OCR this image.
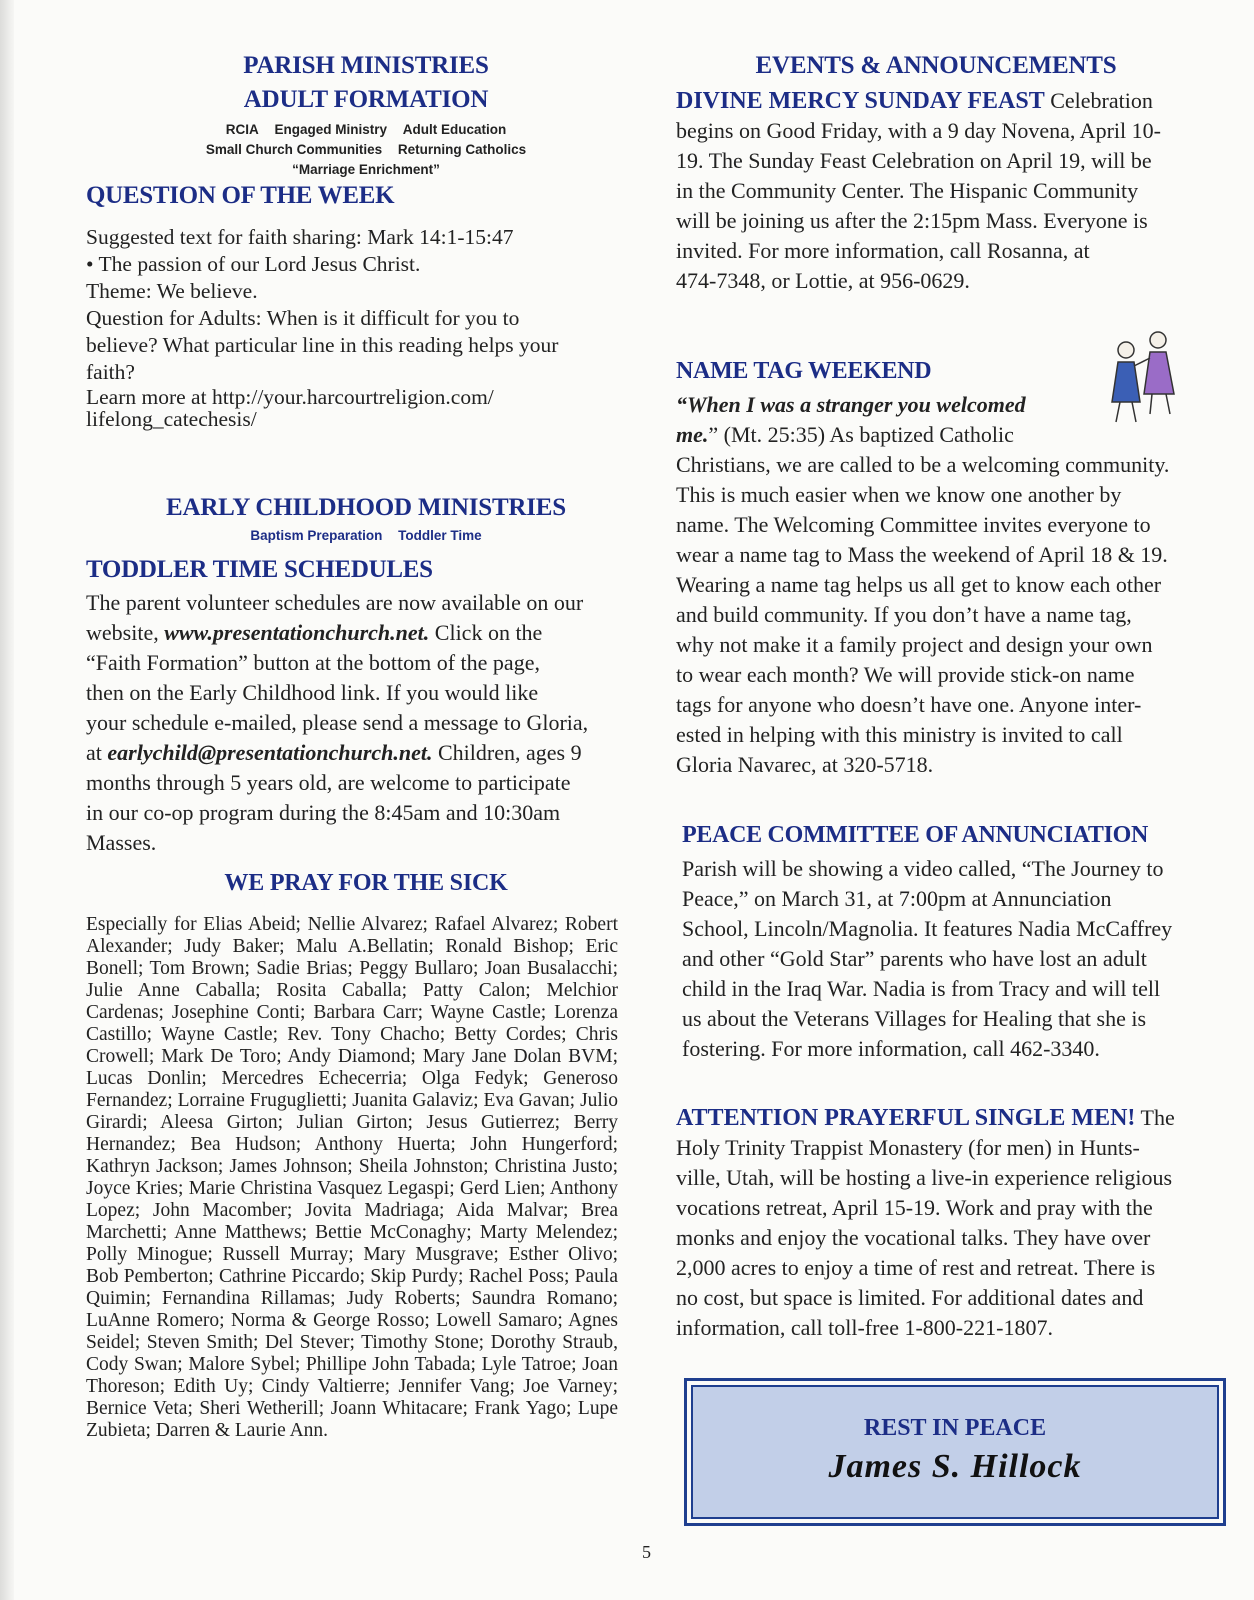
PARISH MINISTRIES
ADULT FORMATION
RCIA Engaged Ministry Adult Education
Small Church Communities Returning Catholics
“Marriage Enrichment”
QUESTION OF THE WEEK
Suggested text for faith sharing: Mark 14:1-15:47
• The passion of our Lord Jesus Christ.
Theme: We believe.
Question for Adults: When is it difficult for you to
believe? What particular line in this reading helps your
faith?
Learn more at http://your.harcourtreligion.com/
lifelong_catechesis/
EARLY CHILDHOOD MINISTRIES
Baptism Preparation Toddler Time
TODDLER TIME SCHEDULES
The parent volunteer schedules are now available on our
website, www.presentationchurch.net. Click on the
“Faith Formation” button at the bottom of the page,
then on the Early Childhood link. If you would like
your schedule e-mailed, please send a message to Gloria,
at earlychild@presentationchurch.net. Children, ages 9
months through 5 years old, are welcome to participate
in our co-op program during the 8:45am and 10:30am
Masses.
WE PRAY FOR THE SICK
Especially for Elias Abeid; Nellie Alvarez; Rafael Alvarez; Robert Alexander; Judy Baker; Malu A.Bellatin; Ronald Bishop; Eric Bonell; Tom Brown; Sadie Brias; Peggy Bullaro; Joan Busalacchi; Julie Anne Caballa; Rosita Caballa; Patty Calon; Melchior Cardenas; Josephine Conti; Barbara Carr; Wayne Castle; Lorenza Castillo; Wayne Castle; Rev. Tony Chacho; Betty Cordes; Chris Crowell; Mark De Toro; Andy Diamond; Mary Jane Dolan BVM; Lucas Donlin; Mercedres Echecerria; Olga Fedyk; Generoso Fernandez; Lorraine Fruguglietti; Juanita Galaviz; Eva Gavan; Julio Girardi; Aleesa Girton; Julian Girton; Jesus Gutierrez; Berry Hernandez; Bea Hudson; Anthony Huerta; John Hungerford; Kathryn Jackson; James Johnson; Sheila Johnston; Christina Justo; Joyce Kries; Marie Christina Vasquez Legaspi; Gerd Lien; Anthony Lopez; John Macomber; Jovita Madriaga; Aida Malvar; Brea Marchetti; Anne Matthews; Bettie McConaghy; Marty Melendez; Polly Minogue; Russell Murray; Mary Musgrave; Esther Olivo; Bob Pemberton; Cathrine Piccardo; Skip Purdy; Rachel Poss; Paula Quimin; Fernandina Rillamas; Judy Roberts; Saundra Romano; LuAnne Romero; Norma & George Rosso; Lowell Samaro; Agnes Seidel; Steven Smith; Del Stever; Timothy Stone; Dorothy Straub, Cody Swan; Malore Sybel; Phillipe John Tabada; Lyle Tatroe; Joan Thoreson; Edith Uy; Cindy Valtierre; Jennifer Vang; Joe Varney; Bernice Veta; Sheri Wetherill; Joann Whitacare; Frank Yago; Lupe Zubieta; Darren & Laurie Ann.
EVENTS & ANNOUNCEMENTS
DIVINE MERCY SUNDAY FEAST Celebration
begins on Good Friday, with a 9 day Novena, April 10-
19. The Sunday Feast Celebration on April 19, will be
in the Community Center. The Hispanic Community
will be joining us after the 2:15pm Mass. Everyone is
invited. For more information, call Rosanna, at
474-7348, or Lottie, at 956-0629.
NAME TAG WEEKEND
“When I was a stranger you welcomed
me.” (Mt. 25:35) As baptized Catholic
Christians, we are called to be a welcoming community.
This is much easier when we know one another by
name. The Welcoming Committee invites everyone to
wear a name tag to Mass the weekend of April 18 & 19.
Wearing a name tag helps us all get to know each other
and build community. If you don’t have a name tag,
why not make it a family project and design your own
to wear each month? We will provide stick-on name
tags for anyone who doesn’t have one. Anyone inter-
ested in helping with this ministry is invited to call
Gloria Navarec, at 320-5718.
PEACE COMMITTEE OF ANNUNCIATION
Parish will be showing a video called, “The Journey to
Peace,” on March 31, at 7:00pm at Annunciation
School, Lincoln/Magnolia. It features Nadia McCaffrey
and other “Gold Star” parents who have lost an adult
child in the Iraq War. Nadia is from Tracy and will tell
us about the Veterans Villages for Healing that she is
fostering. For more information, call 462-3340.
ATTENTION PRAYERFUL SINGLE MEN! The
Holy Trinity Trappist Monastery (for men) in Hunts-
ville, Utah, will be hosting a live-in experience religious
vocations retreat, April 15-19. Work and pray with the
monks and enjoy the vocational talks. They have over
2,000 acres to enjoy a time of rest and retreat. There is
no cost, but space is limited. For additional dates and
information, call toll-free 1-800-221-1807.
REST IN PEACE
James S. Hillock
5
